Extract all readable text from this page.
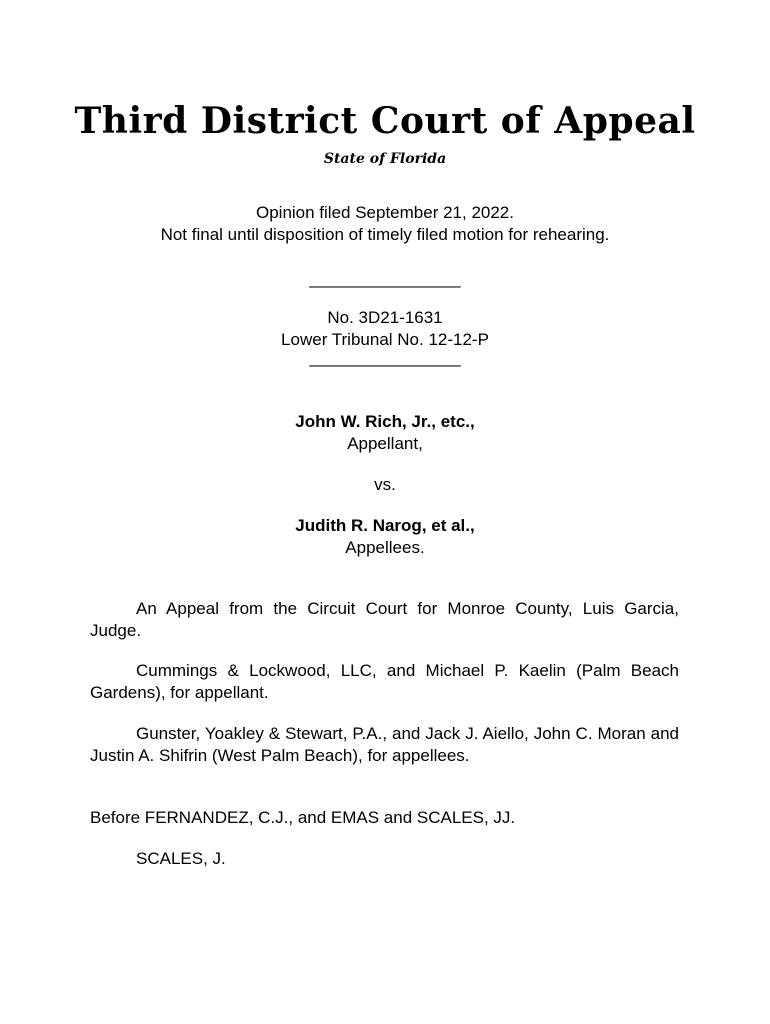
Third District Court of Appeal
State of Florida
Opinion filed September 21, 2022.
Not final until disposition of timely filed motion for rehearing.
________________
No. 3D21-1631
Lower Tribunal No. 12-12-P
________________
John W. Rich, Jr., etc.,
Appellant,
vs.
Judith R. Narog, et al.,
Appellees.
An Appeal from the Circuit Court for Monroe County, Luis Garcia, Judge.
Cummings & Lockwood, LLC, and Michael P. Kaelin (Palm Beach Gardens), for appellant.
Gunster, Yoakley & Stewart, P.A., and Jack J. Aiello, John C. Moran and Justin A. Shifrin (West Palm Beach), for appellees.
Before FERNANDEZ, C.J., and EMAS and SCALES, JJ.
SCALES, J.
